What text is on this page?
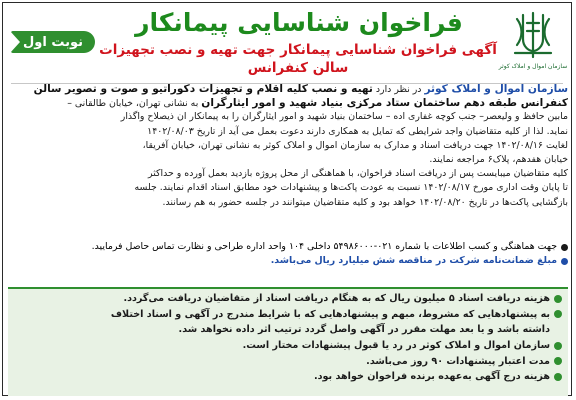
سازمان اموال و املاک کوثر
فراخوان شناسایی پیمانکار
آگهی فراخوان شناسایی پیمانکار جهت تهیه و نصب تجهیزات سالن کنفرانس
نوبت اول
سازمان اموال و املاک کوثر در نظر دارد تهیه و نصب کلیه اقلام و تجهیزات دکوراتیو و صوت و تصویر سالن
کنفرانس طبقه دهم ساختمان ستاد مرکزی بنیاد شهید و امور ایثارگران به نشانی تهران، خیابان طالقانی –
مابین حافظ و ولیعصر– جنب کوچه غفاری اده – ساختمان بنیاد شهید و امور ایثارگران را به پیمانکار ان ذیصلاح واگذار
نماید. لذا از کلیه متقاضیان واجد شرایطی که تمایل به همکاری دارند دعوت بعمل می آید از تاریخ ۱۴۰۲/۰۸/۰۳
لغایت ۱۴۰۲/۰۸/۱۶ جهت دریافت اسناد و مدارک به سازمان اموال و املاک کوثر به نشانی تهران، خیابان آفریقا،
خیابان هفدهم، پلاک۶ مراجعه نمایند.
کلیه متقاضیان میبایست پس از دریافت اسناد فراخوان، با هماهنگی از محل پروژه بازدید بعمل آورده و حداکثر
تا پایان وقت اداری مورخ ۱۴۰۲/۰۸/۱۷ نسبت به عودت پاکت‌ها و پیشنهادات خود مطابق اسناد اقدام نمایند. جلسه
بازگشایی پاکت‌ها در تاریخ ۱۴۰۲/۰۸/۲۰ خواهد بود و کلیه متقاضیان میتوانند در جلسه حضور به هم رسانند.
جهت هماهنگی و کسب اطلاعات با شماره ۰۲۱-۵۴۹۸۶۰۰۰ داخلی ۱۰۴ واحد اداره طراحی و نظارت تماس حاصل فرمایید.
مبلغ ضمانت‌نامه شرکت در مناقصه شش میلیارد ریال می‌باشد.
هزینه دریافت اسناد ۵ میلیون ریال که به هنگام دریافت اسناد از متقاضیان دریافت می‌گردد.
به پیشنهادهایی که مشروط، مبهم و پیشنهادهایی که با شرایط مندرج در آگهی و اسناد اختلاف
داشته باشد و یا بعد مهلت مقرر در آگهی واصل گردد ترتیب اثر داده نخواهد شد.
سازمان اموال و املاک کوثر در رد یا قبول پیشنهادات مختار است.
مدت اعتبار پیشنهادات ۹۰ روز می‌باشد.
هزینه درج آگهی به‌عهده برنده فراخوان خواهد بود.
